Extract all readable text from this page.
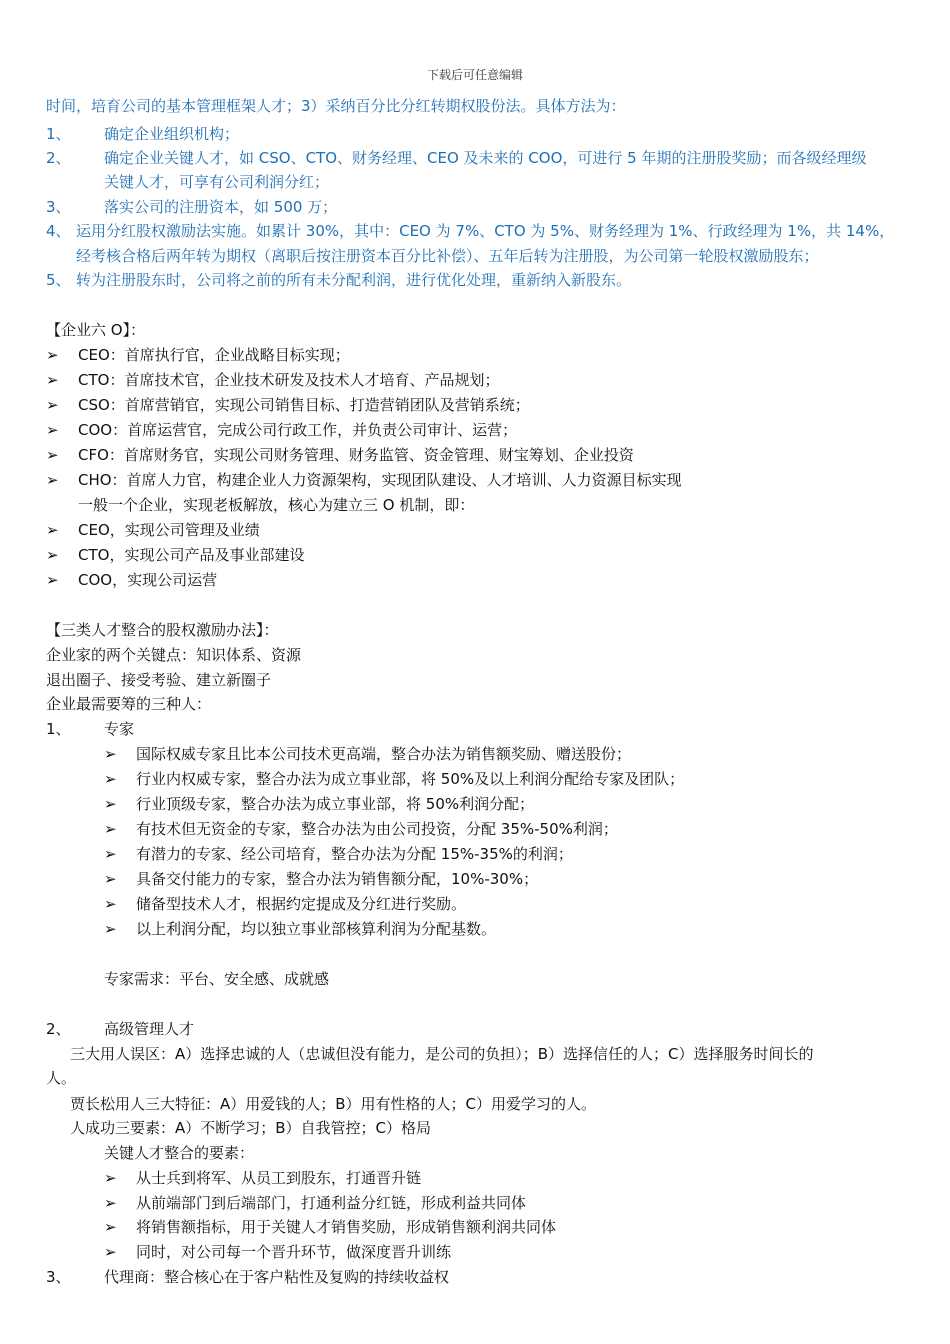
下载后可任意编辑
时间，培育公司的基本管理框架人才；3）采纳百分比分红转期权股份法。具体方法为：
1、 确定企业组织机构；
2、 确定企业关键人才，如 CSO、CTO、财务经理、CEO 及未来的 COO，可进行 5 年期的注册股奖励；而各级经理级
关键人才，可享有公司利润分红；
3、 落实公司的注册资本，如 500 万；
4、 运用分红股权激励法实施。如累计 30%，其中：CEO 为 7%、CTO 为 5%、财务经理为 1%、行政经理为 1%，共 14%，
经考核合格后两年转为期权（离职后按注册资本百分比补偿）、五年后转为注册股，为公司第一轮股权激励股东；
5、 转为注册股东时，公司将之前的所有未分配利润，进行优化处理，重新纳入新股东。
【企业六 O】：
➢ CEO：首席执行官，企业战略目标实现；
➢ CTO：首席技术官，企业技术研发及技术人才培育、产品规划；
➢ CSO：首席营销官，实现公司销售目标、打造营销团队及营销系统；
➢ COO：首席运营官，完成公司行政工作，并负责公司审计、运营；
➢ CFO：首席财务官，实现公司财务管理、财务监管、资金管理、财宝筹划、企业投资
➢ CHO：首席人力官，构建企业人力资源架构，实现团队建设、人才培训、人力资源目标实现
一般一个企业，实现老板解放，核心为建立三 O 机制，即：
➢ CEO，实现公司管理及业绩
➢ CTO，实现公司产品及事业部建设
➢ COO，实现公司运营
【三类人才整合的股权激励办法】：
企业家的两个关键点：知识体系、资源
退出圈子、接受考验、建立新圈子
企业最需要筹的三种人：
1、 专家
➢ 国际权威专家且比本公司技术更高端，整合办法为销售额奖励、赠送股份；
➢ 行业内权威专家，整合办法为成立事业部，将 50%及以上利润分配给专家及团队；
➢ 行业顶级专家，整合办法为成立事业部，将 50%利润分配；
➢ 有技术但无资金的专家，整合办法为由公司投资，分配 35%-50%利润；
➢ 有潜力的专家、经公司培育，整合办法为分配 15%-35%的利润；
➢ 具备交付能力的专家，整合办法为销售额分配，10%-30%；
➢ 储备型技术人才，根据约定提成及分红进行奖励。
➢ 以上利润分配，均以独立事业部核算利润为分配基数。
专家需求：平台、安全感、成就感
2、 高级管理人才
三大用人误区：A）选择忠诚的人（忠诚但没有能力，是公司的负担）；B）选择信任的人；C）选择服务时间长的
人。
贾长松用人三大特征：A）用爱钱的人；B）用有性格的人；C）用爱学习的人。
人成功三要素：A）不断学习；B）自我管控；C）格局
关键人才整合的要素：
➢ 从士兵到将军、从员工到股东，打通晋升链
➢ 从前端部门到后端部门，打通利益分红链，形成利益共同体
➢ 将销售额指标，用于关键人才销售奖励，形成销售额利润共同体
➢ 同时，对公司每一个晋升环节，做深度晋升训练
3、 代理商：整合核心在于客户粘性及复购的持续收益权
